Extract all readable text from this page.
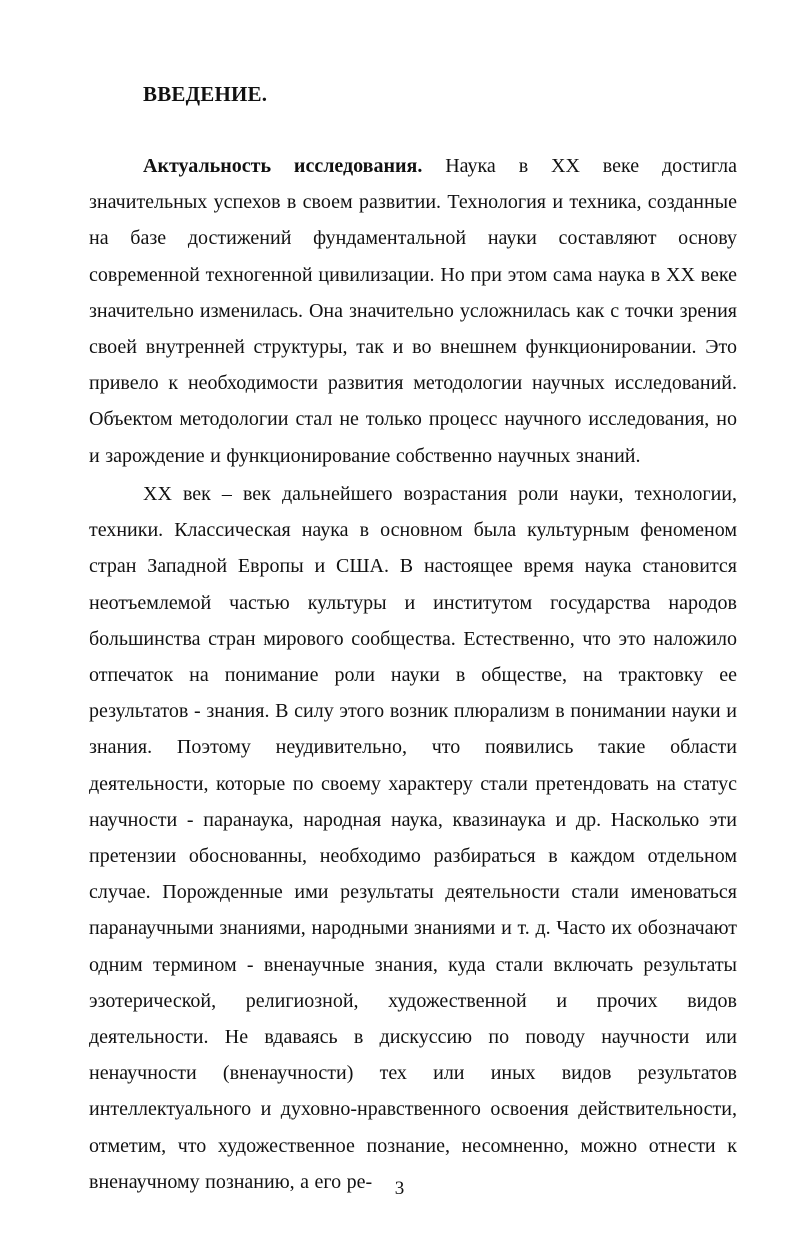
ВВЕДЕНИЕ.

Актуальность исследования. Наука в XX веке достигла значительных успехов в своем развитии. Технология и техника, созданные на базе достижений фундаментальной науки составляют основу современной техногенной цивилизации. Но при этом сама наука в XX веке значительно изменилась. Она значительно усложнилась как с точки зрения своей внутренней структуры, так и во внешнем функционировании. Это привело к необходимости развития методологии научных исследований. Объектом методологии стал не только процесс научного исследования, но и зарождение и функционирование собственно научных знаний.

XX век – век дальнейшего возрастания роли науки, технологии, техники. Классическая наука в основном была культурным феноменом стран Западной Европы и США. В настоящее время наука становится неотъемлемой частью культуры и институтом государства народов большинства стран мирового сообщества. Естественно, что это наложило отпечаток на понимание роли науки в обществе, на трактовку ее результатов - знания. В силу этого возник плюрализм в понимании науки и знания. Поэтому неудивительно, что появились такие области деятельности, которые по своему характеру стали претендовать на статус научности - паранаука, народная наука, квазинаука и др. Насколько эти претензии обоснованны, необходимо разбираться в каждом отдельном случае. Порожденные ими результаты деятельности стали именоваться паранаучными знаниями, народными знаниями и т. д. Часто их обозначают одним термином - вненаучные знания, куда стали включать результаты эзотерической, религиозной, художественной и прочих видов деятельности. Не вдаваясь в дискуссию по поводу научности или ненаучности (вненаучности) тех или иных видов результатов интеллектуального и духовно-нравственного освоения действительности, отметим, что художественное познание, несомненно, можно отнести к вненаучному познанию, а его ре-	3
